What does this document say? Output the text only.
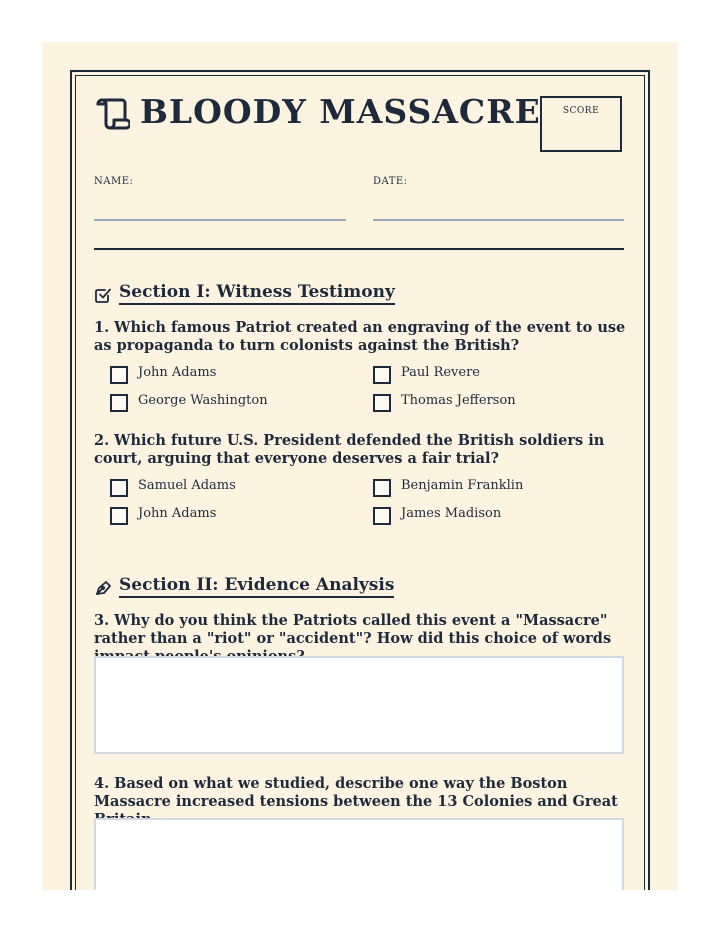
BLOODY MASSACRE	SCORE
NAME:	DATE:
Section I: Witness Testimony
1. Which famous Patriot created an engraving of the event to use as propaganda to turn colonists against the British?
John Adams	Paul Revere
George Washington	Thomas Jefferson
2. Which future U.S. President defended the British soldiers in court, arguing that everyone deserves a fair trial?
Samuel Adams	Benjamin Franklin
John Adams	James Madison
Section II: Evidence Analysis
3. Why do you think the Patriots called this event a "Massacre" rather than a "riot" or "accident"? How did this choice of words
4. Based on what we studied, describe one way the Boston Massacre increased tensions between the 13 Colonies and Great
